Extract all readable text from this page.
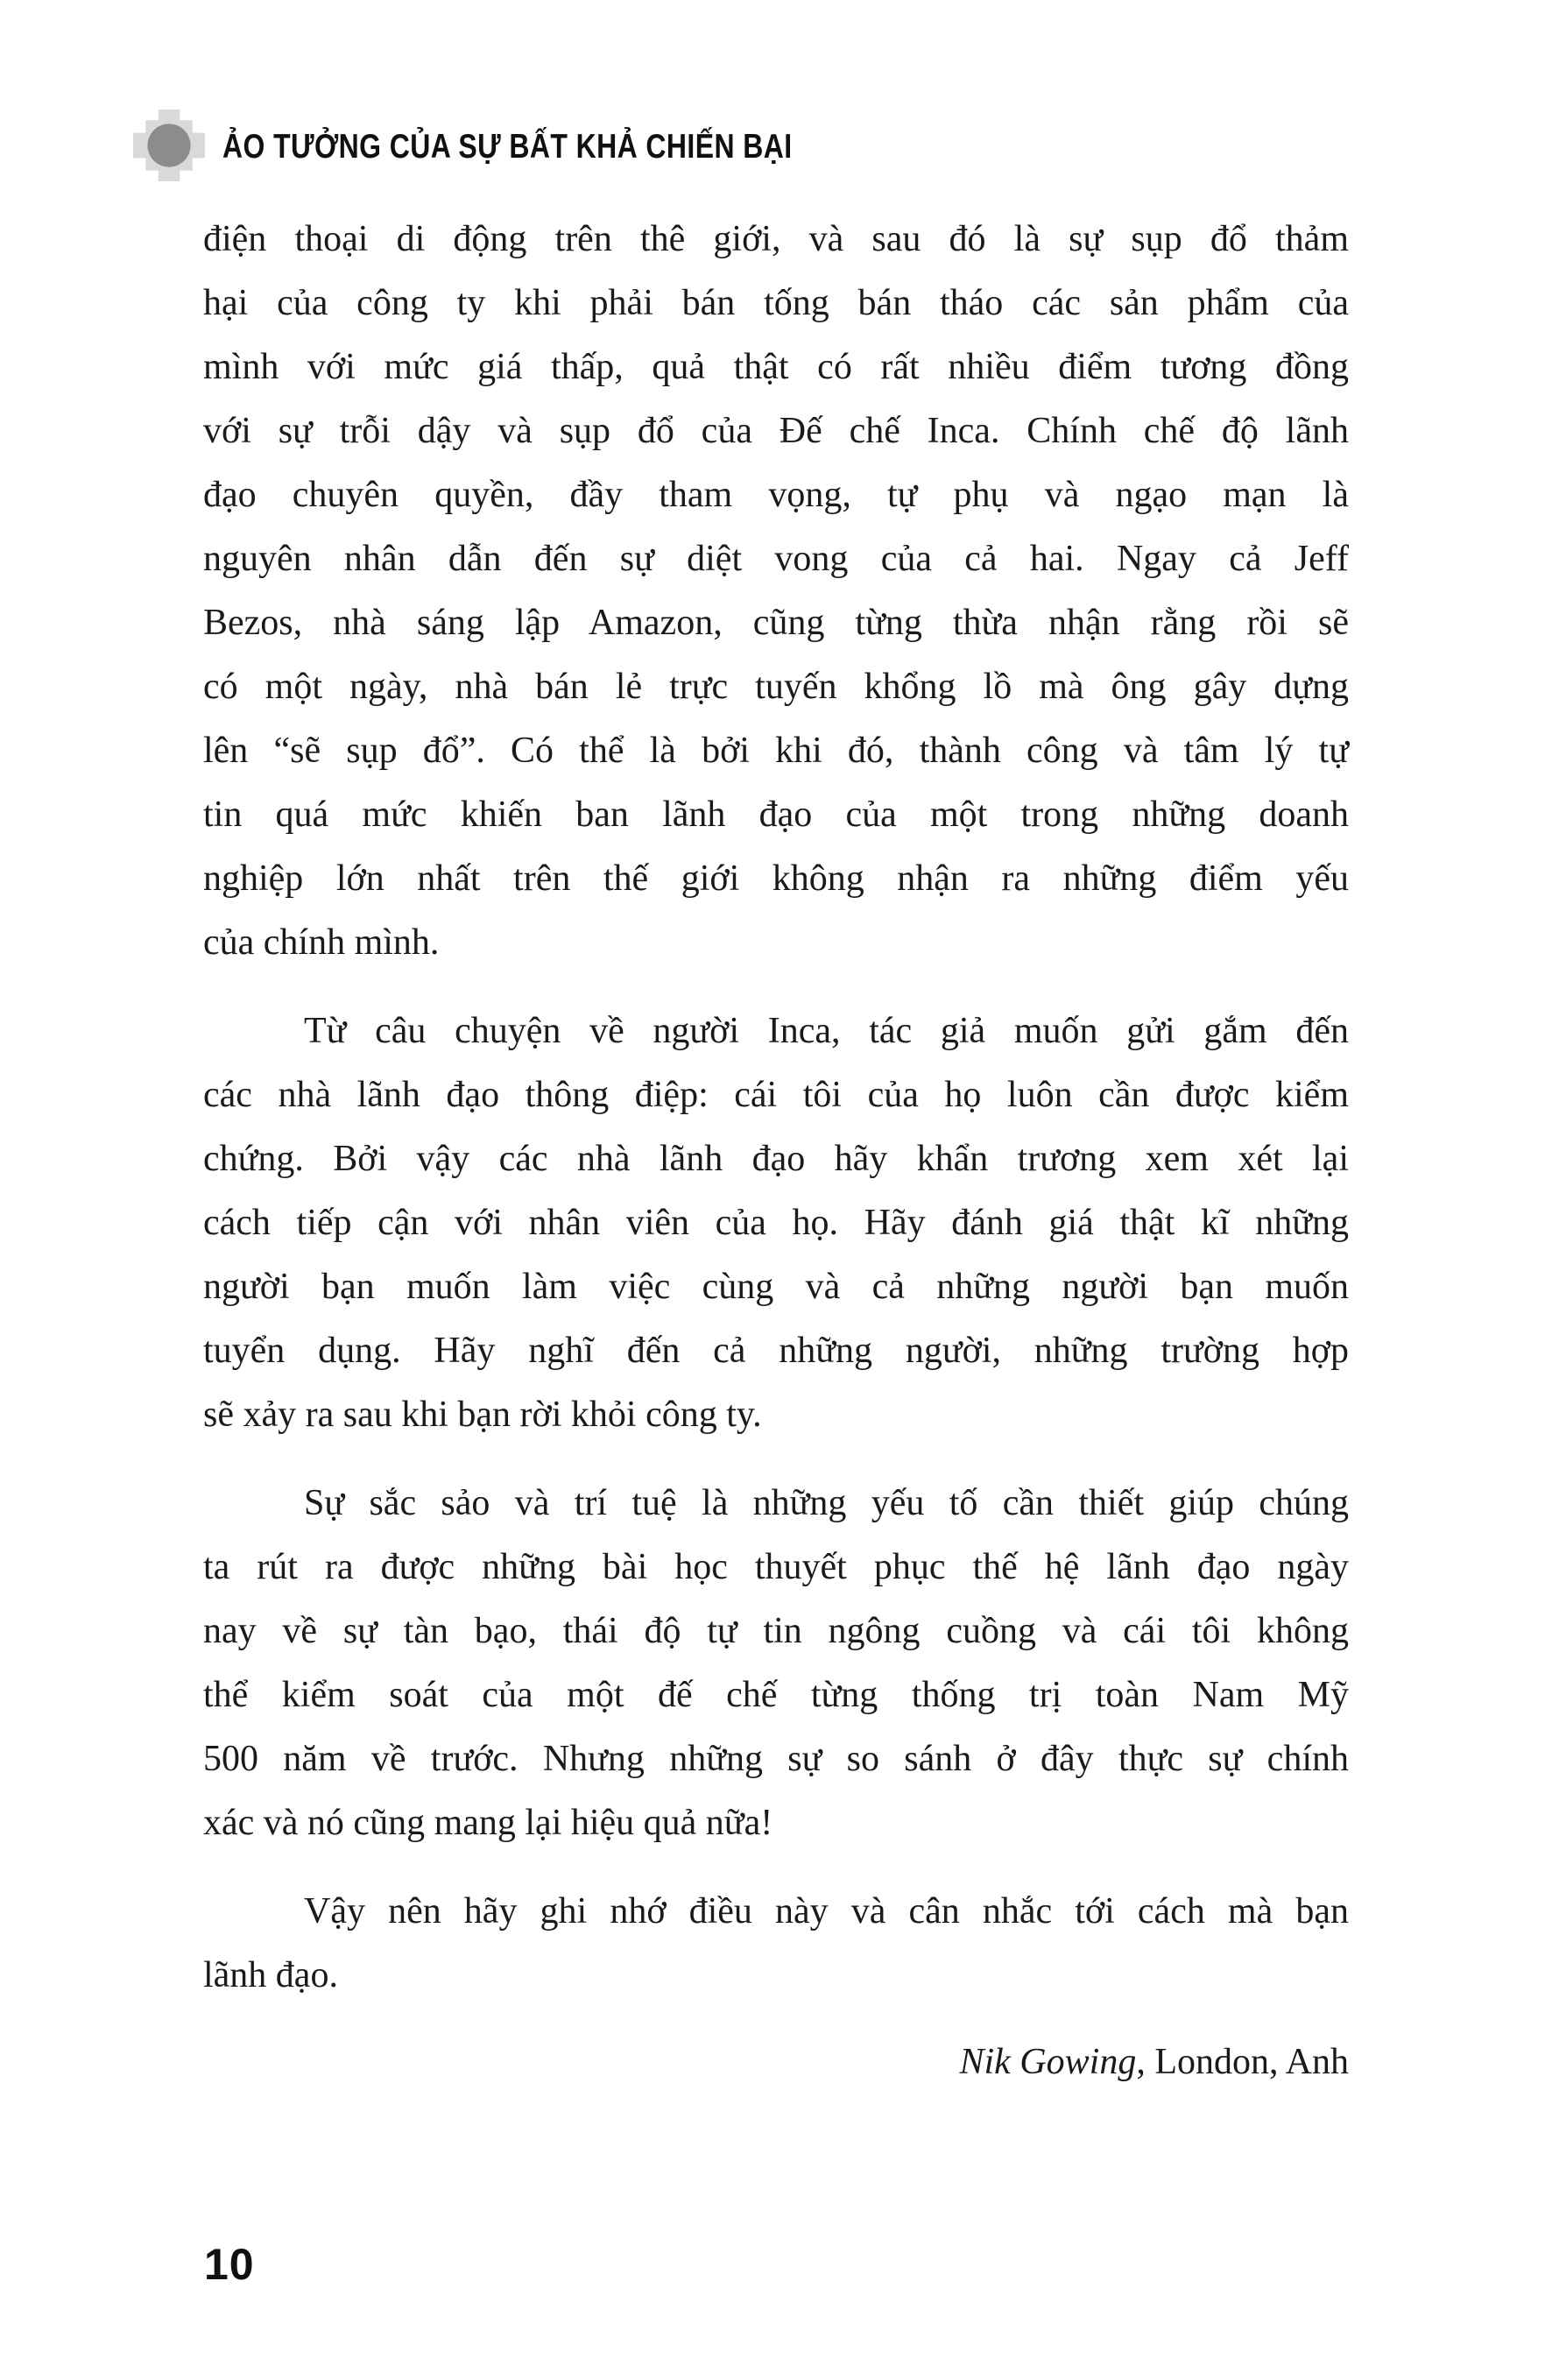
ẢO TƯỞNG CỦA SỰ BẤT KHẢ CHIẾN BẠI
điện thoại di động trên thê giới, và sau đó là sự sụp đổ thảm
hại của công ty khi phải bán tống bán tháo các sản phẩm của
mình với mức giá thấp, quả thật có rất nhiều điểm tương đồng
với sự trỗi dậy và sụp đổ của Đế chế Inca. Chính chế độ lãnh
đạo chuyên quyền, đầy tham vọng, tự phụ và ngạo mạn là
nguyên nhân dẫn đến sự diệt vong của cả hai. Ngay cả Jeff
Bezos, nhà sáng lập Amazon, cũng từng thừa nhận rằng rồi sẽ
có một ngày, nhà bán lẻ trực tuyến khổng lồ mà ông gây dựng
lên “sẽ sụp đổ”. Có thể là bởi khi đó, thành công và tâm lý tự
tin quá mức khiến ban lãnh đạo của một trong những doanh
nghiệp lớn nhất trên thế giới không nhận ra những điểm yếu
của chính mình.
Từ câu chuyện về người Inca, tác giả muốn gửi gắm đến
các nhà lãnh đạo thông điệp: cái tôi của họ luôn cần được kiểm
chứng. Bởi vậy các nhà lãnh đạo hãy khẩn trương xem xét lại
cách tiếp cận với nhân viên của họ. Hãy đánh giá thật kĩ những
người bạn muốn làm việc cùng và cả những người bạn muốn
tuyển dụng. Hãy nghĩ đến cả những người, những trường hợp
sẽ xảy ra sau khi bạn rời khỏi công ty.
Sự sắc sảo và trí tuệ là những yếu tố cần thiết giúp chúng
ta rút ra được những bài học thuyết phục thế hệ lãnh đạo ngày
nay về sự tàn bạo, thái độ tự tin ngông cuồng và cái tôi không
thể kiểm soát của một đế chế từng thống trị toàn Nam Mỹ
500 năm về trước. Nhưng những sự so sánh ở đây thực sự chính
xác và nó cũng mang lại hiệu quả nữa!
Vậy nên hãy ghi nhớ điều này và cân nhắc tới cách mà bạn
lãnh đạo.
Nik Gowing, London, Anh
10
